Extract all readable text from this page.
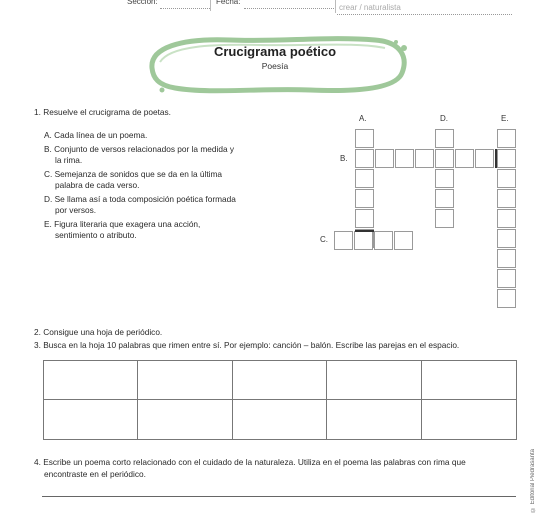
Sección:	Fecha:
crear / naturalista
Crucigrama poético
Poesía
1. Resuelve el crucigrama de poetas.
A. Cada línea de un poema.
B. Conjunto de versos relacionados por la medida y
la rima.
C. Semejanza de sonidos que se da en la última
palabra de cada verso.
D. Se llama así a toda composición poética formada
por versos.
E. Figura literaria que exagera una acción,
sentimiento o atributo.
A.	D.	E.
B.
C.
2. Consigue una hoja de periódico.
3. Busca en la hoja 10 palabras que rimen entre sí. Por ejemplo: canción – balón. Escribe las parejas en el espacio.
4. Escribe un poema corto relacionado con el cuidado de la naturaleza. Utiliza en el poema las palabras con rima que
encontraste en el periódico.	© Editorial Piedrasanta
